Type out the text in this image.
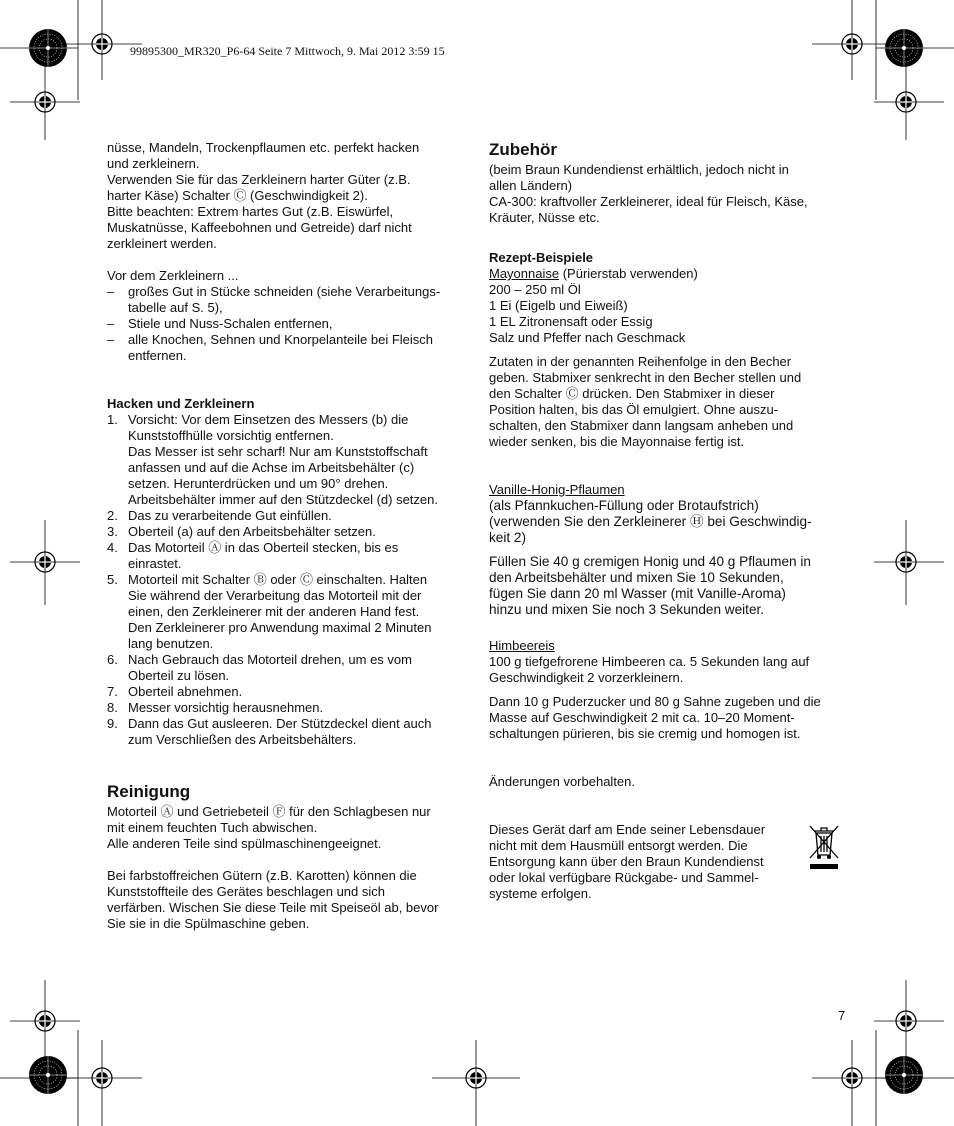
99895300_MR320_P6-64 Seite 7 Mittwoch, 9. Mai 2012 3:59 15
nüsse, Mandeln, Trockenpflaumen etc. perfekt hacken
und zerkleinern.
Verwenden Sie für das Zerkleinern harter Güter (z.B.
harter Käse) Schalter Ⓒ (Geschwindigkeit 2).
Bitte beachten: Extrem hartes Gut (z.B. Eiswürfel,
Muskatnüsse, Kaffeebohnen und Getreide) darf nicht
zerkleinert werden.
Vor dem Zerkleinern ...
– großes Gut in Stücke schneiden (siehe Verarbeitungs-
tabelle auf S. 5),
– Stiele und Nuss-Schalen entfernen,
– alle Knochen, Sehnen und Knorpelanteile bei Fleisch
entfernen.
Hacken und Zerkleinern
1. Vorsicht: Vor dem Einsetzen des Messers (b) die
Kunststoffhülle vorsichtig entfernen.
Das Messer ist sehr scharf! Nur am Kunststoffschaft
anfassen und auf die Achse im Arbeitsbehälter (c)
setzen. Herunterdrücken und um 90° drehen.
Arbeitsbehälter immer auf den Stützdeckel (d) setzen.
2. Das zu verarbeitende Gut einfüllen.
3. Oberteil (a) auf den Arbeitsbehälter setzen.
4. Das Motorteil Ⓐ in das Oberteil stecken, bis es
einrastet.
5. Motorteil mit Schalter Ⓑ oder Ⓒ einschalten. Halten
Sie während der Verarbeitung das Motorteil mit der
einen, den Zerkleinerer mit der anderen Hand fest.
Den Zerkleinerer pro Anwendung maximal 2 Minuten
lang benutzen.
6. Nach Gebrauch das Motorteil drehen, um es vom
Oberteil zu lösen.
7. Oberteil abnehmen.
8. Messer vorsichtig herausnehmen.
9. Dann das Gut ausleeren. Der Stützdeckel dient auch
zum Verschließen des Arbeitsbehälters.
Reinigung
Motorteil Ⓐ und Getriebeteil Ⓕ für den Schlagbesen nur
mit einem feuchten Tuch abwischen.
Alle anderen Teile sind spülmaschinengeeignet.
Bei farbstoffreichen Gütern (z.B. Karotten) können die
Kunststoffteile des Gerätes beschlagen und sich
verfärben. Wischen Sie diese Teile mit Speiseöl ab, bevor
Sie sie in die Spülmaschine geben.
Zubehör
(beim Braun Kundendienst erhältlich, jedoch nicht in
allen Ländern)
CA-300: kraftvoller Zerkleinerer, ideal für Fleisch, Käse,
Kräuter, Nüsse etc.
Rezept-Beispiele
Mayonnaise (Pürierstab verwenden)
200 – 250 ml Öl
1 Ei (Eigelb und Eiweiß)
1 EL Zitronensaft oder Essig
Salz und Pfeffer nach Geschmack
Zutaten in der genannten Reihenfolge in den Becher
geben. Stabmixer senkrecht in den Becher stellen und
den Schalter Ⓒ drücken. Den Stabmixer in dieser
Position halten, bis das Öl emulgiert. Ohne auszu-
schalten, den Stabmixer dann langsam anheben und
wieder senken, bis die Mayonnaise fertig ist.
Vanille-Honig-Pflaumen
(als Pfannkuchen-Füllung oder Brotaufstrich)
(verwenden Sie den Zerkleinerer Ⓗ bei Geschwindig-
keit 2)
Füllen Sie 40 g cremigen Honig und 40 g Pflaumen in
den Arbeitsbehälter und mixen Sie 10 Sekunden,
fügen Sie dann 20 ml Wasser (mit Vanille-Aroma)
hinzu und mixen Sie noch 3 Sekunden weiter.
Himbeereis
100 g tiefgefrorene Himbeeren ca. 5 Sekunden lang auf
Geschwindigkeit 2 vorzerkleinern.
Dann 10 g Puderzucker und 80 g Sahne zugeben und die
Masse auf Geschwindigkeit 2 mit ca. 10–20 Moment-
schaltungen pürieren, bis sie cremig und homogen ist.
Änderungen vorbehalten.
Dieses Gerät darf am Ende seiner Lebensdauer
nicht mit dem Hausmüll entsorgt werden. Die
Entsorgung kann über den Braun Kundendienst
oder lokal verfügbare Rückgabe- und Sammel-
systeme erfolgen.
7
